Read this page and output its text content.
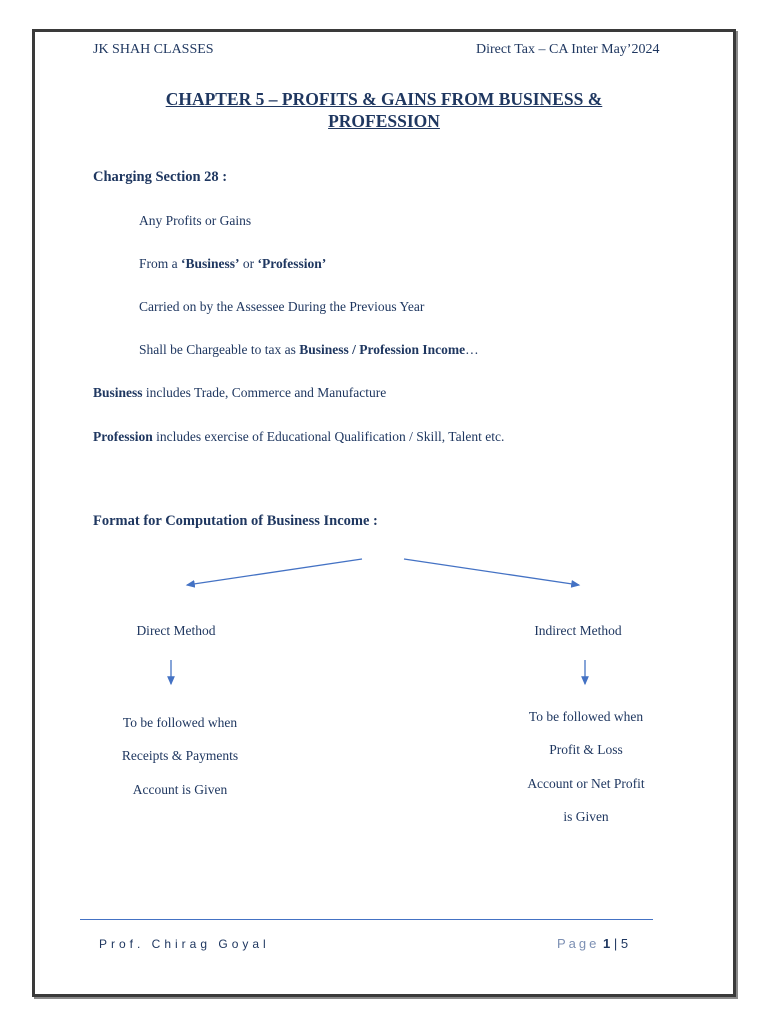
JK SHAH CLASSES	Direct Tax – CA Inter May’2024
CHAPTER 5 – PROFITS & GAINS FROM BUSINESS &
PROFESSION
Charging Section 28 :
Any Profits or Gains
From a ‘Business’ or ‘Profession’
Carried on by the Assessee During the Previous Year
Shall be Chargeable to tax as Business / Profession Income…
Business includes Trade, Commerce and Manufacture
Profession includes exercise of Educational Qualification / Skill, Talent etc.
Format for Computation of Business Income :
Direct Method	Indirect Method
To be followed when
Receipts & Payments
Account is Given
To be followed when
Profit & Loss
Account or Net Profit
is Given
Prof. Chirag Goyal	Page 1 | 5
